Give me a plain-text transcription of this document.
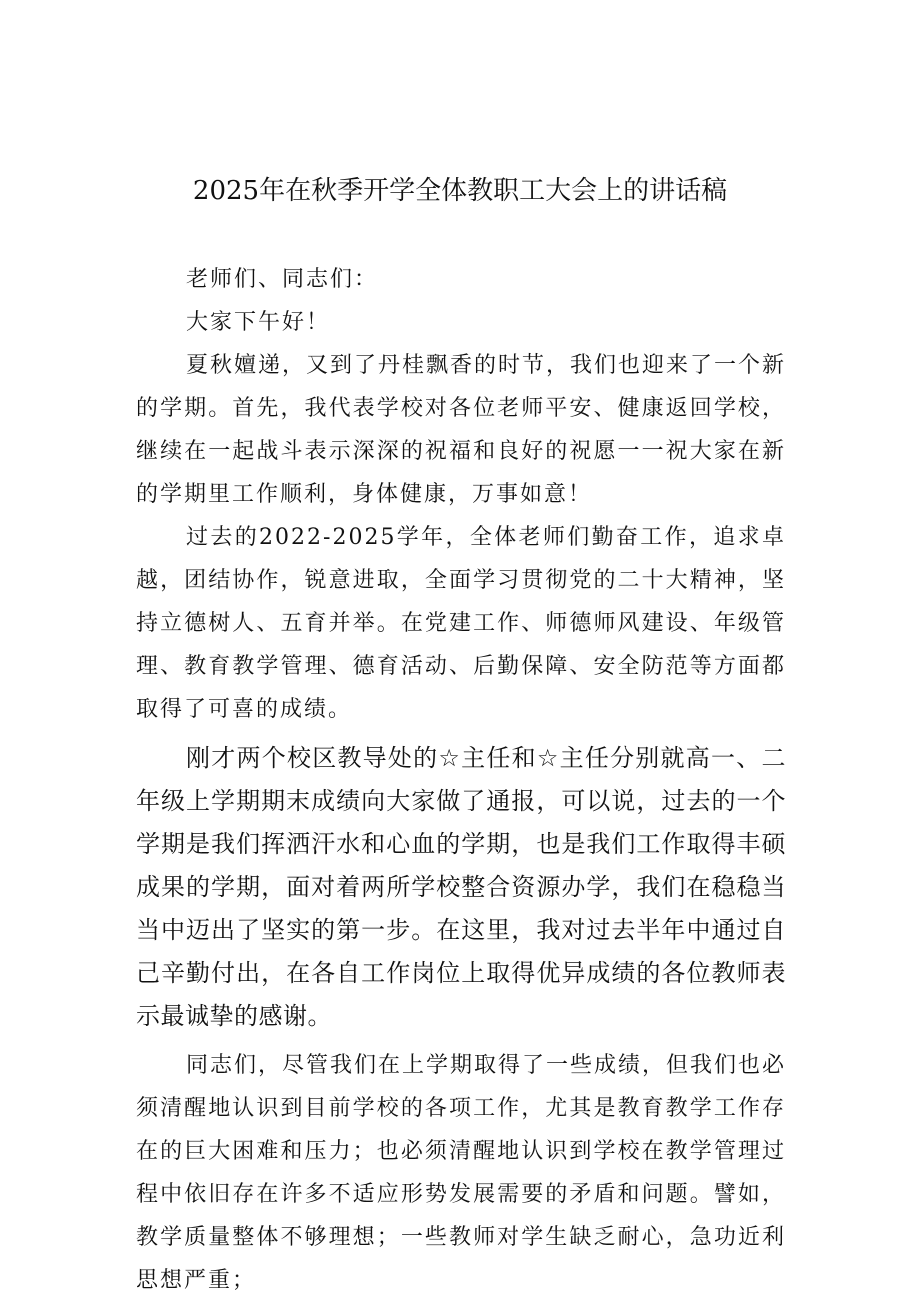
2025年在秋季开学全体教职工大会上的讲话稿

老师们、同志们：

大家下午好！

夏秋嬗递，又到了丹桂飘香的时节，我们也迎来了一个新的学期。首先，我代表学校对各位老师平安、健康返回学校，继续在一起战斗表示深深的祝福和良好的祝愿一一祝大家在新的学期里工作顺利，身体健康，万事如意！

过去的2022-2025学年，全体老师们勤奋工作，追求卓越，团结协作，锐意进取，全面学习贯彻党的二十大精神，坚持立德树人、五育并举。在党建工作、师德师风建设、年级管理、教育教学管理、德育活动、后勤保障、安全防范等方面都取得了可喜的成绩。

刚才两个校区教导处的☆主任和☆主任分别就高一、二年级上学期期末成绩向大家做了通报，可以说，过去的一个学期是我们挥洒汗水和心血的学期，也是我们工作取得丰硕成果的学期，面对着两所学校整合资源办学，我们在稳稳当当中迈出了坚实的第一步。在这里，我对过去半年中通过自己辛勤付出，在各自工作岗位上取得优异成绩的各位教师表示最诚挚的感谢。

同志们，尽管我们在上学期取得了一些成绩，但我们也必须清醒地认识到目前学校的各项工作，尤其是教育教学工作存在的巨大困难和压力；也必须清醒地认识到学校在教学管理过程中依旧存在许多不适应形势发展需要的矛盾和问题。譬如，教学质量整体不够理想；一些教师对学生缺乏耐心，急功近利思想严重；
